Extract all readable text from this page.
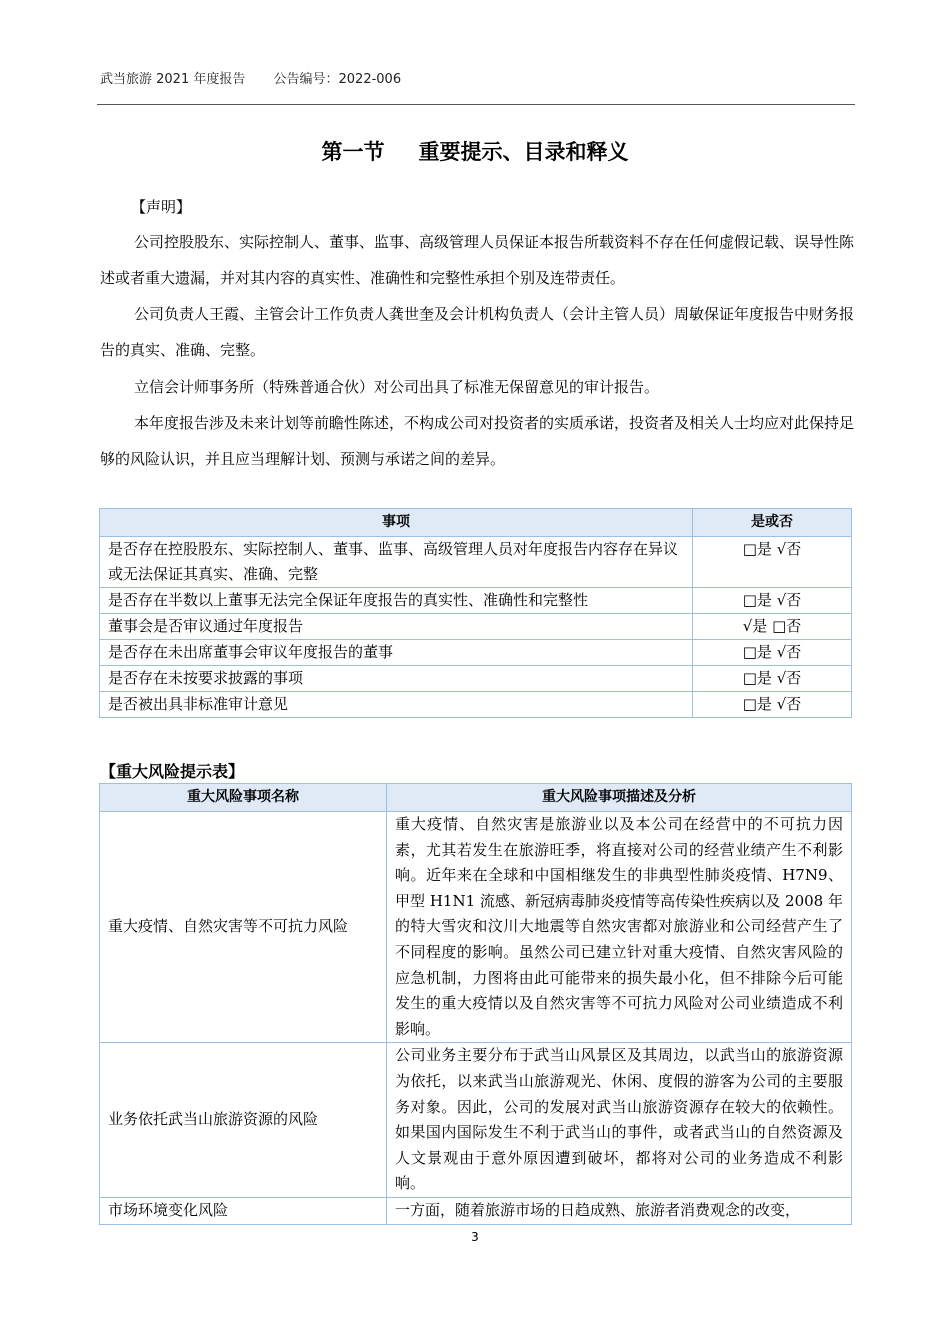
武当旅游 2021 年度报告 公告编号：2022-006
第一节 重要提示、目录和释义
【声明】
公司控股股东、实际控制人、董事、监事、高级管理人员保证本报告所载资料不存在任何虚假记载、误导性陈述或者重大遗漏，并对其内容的真实性、准确性和完整性承担个别及连带责任。
公司负责人王霞、主管会计工作负责人龚世奎及会计机构负责人（会计主管人员）周敏保证年度报告中财务报告的真实、准确、完整。
立信会计师事务所（特殊普通合伙）对公司出具了标准无保留意见的审计报告。
本年度报告涉及未来计划等前瞻性陈述，不构成公司对投资者的实质承诺，投资者及相关人士均应对此保持足够的风险认识，并且应当理解计划、预测与承诺之间的差异。
事项	是或否
是否存在控股股东、实际控制人、董事、监事、高级管理人员对年度报告内容存在异议或无法保证其真实、准确、完整	□是 √否
是否存在半数以上董事无法完全保证年度报告的真实性、准确性和完整性	□是 √否
董事会是否审议通过年度报告	√是 □否
是否存在未出席董事会审议年度报告的董事	□是 √否
是否存在未按要求披露的事项	□是 √否
是否被出具非标准审计意见	□是 √否
【重大风险提示表】
重大风险事项名称	重大风险事项描述及分析
重大疫情、自然灾害等不可抗力风险	重大疫情、自然灾害是旅游业以及本公司在经营中的不可抗力因素，尤其若发生在旅游旺季，将直接对公司的经营业绩产生不利影响。近年来在全球和中国相继发生的非典型性肺炎疫情、H7N9、甲型 H1N1 流感、新冠病毒肺炎疫情等高传染性疾病以及 2008 年的特大雪灾和汶川大地震等自然灾害都对旅游业和公司经营产生了不同程度的影响。虽然公司已建立针对重大疫情、自然灾害风险的应急机制，力图将由此可能带来的损失最小化，但不排除今后可能发生的重大疫情以及自然灾害等不可抗力风险对公司业绩造成不利影响。
业务依托武当山旅游资源的风险	公司业务主要分布于武当山风景区及其周边，以武当山的旅游资源为依托，以来武当山旅游观光、休闲、度假的游客为公司的主要服务对象。因此，公司的发展对武当山旅游资源存在较大的依赖性。如果国内国际发生不利于武当山的事件，或者武当山的自然资源及人文景观由于意外原因遭到破坏，都将对公司的业务造成不利影响。
市场环境变化风险	一方面，随着旅游市场的日趋成熟、旅游者消费观念的改变，
3
